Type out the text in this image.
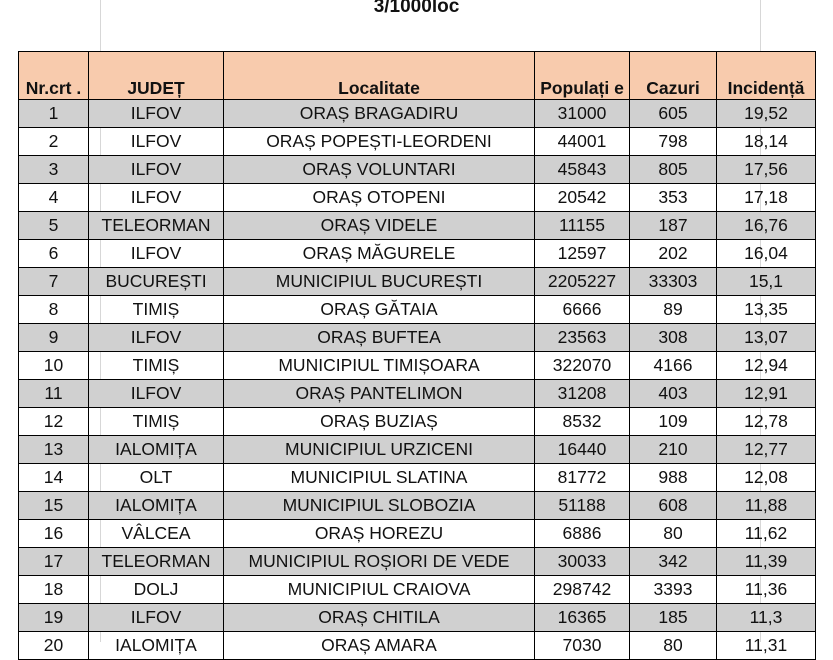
3/1000loc
Nr.crt .	JUDEȚ	Localitate	Populați e	Cazuri	Incidență
1	ILFOV	ORAȘ BRAGADIRU	31000	605	19,52
2	ILFOV	ORAȘ POPEȘTI-LEORDENI	44001	798	18,14
3	ILFOV	ORAȘ VOLUNTARI	45843	805	17,56
4	ILFOV	ORAȘ OTOPENI	20542	353	17,18
5	TELEORMAN	ORAȘ VIDELE	11155	187	16,76
6	ILFOV	ORAȘ MĂGURELE	12597	202	16,04
7	BUCUREȘTI	MUNICIPIUL BUCUREȘTI	2205227	33303	15,1
8	TIMIȘ	ORAȘ GĂTAIA	6666	89	13,35
9	ILFOV	ORAȘ BUFTEA	23563	308	13,07
10	TIMIȘ	MUNICIPIUL TIMIȘOARA	322070	4166	12,94
11	ILFOV	ORAȘ PANTELIMON	31208	403	12,91
12	TIMIȘ	ORAȘ BUZIAȘ	8532	109	12,78
13	IALOMIȚA	MUNICIPIUL URZICENI	16440	210	12,77
14	OLT	MUNICIPIUL SLATINA	81772	988	12,08
15	IALOMIȚA	MUNICIPIUL SLOBOZIA	51188	608	11,88
16	VÂLCEA	ORAȘ HOREZU	6886	80	11,62
17	TELEORMAN	MUNICIPIUL ROȘIORI DE VEDE	30033	342	11,39
18	DOLJ	MUNICIPIUL CRAIOVA	298742	3393	11,36
19	ILFOV	ORAȘ CHITILA	16365	185	11,3
20	IALOMIȚA	ORAȘ AMARA	7030	80	11,31
